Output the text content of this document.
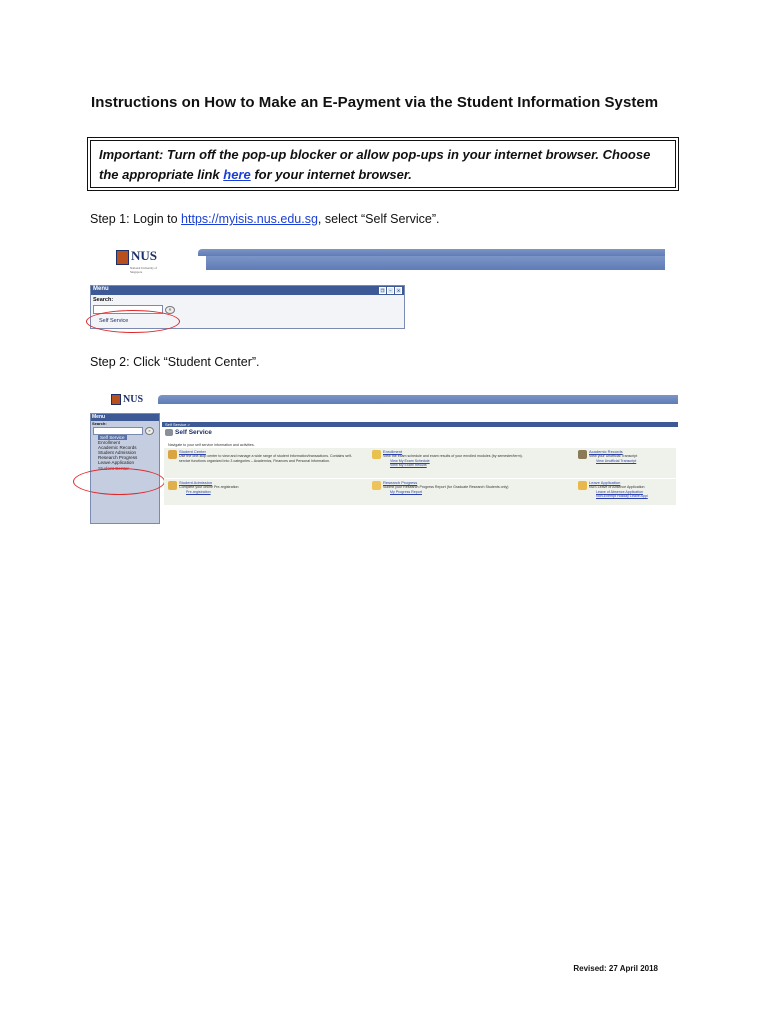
Instructions on How to Make an E-Payment via the Student Information System
Important: Turn off the pop-up blocker or allow pop-ups in your internet browser. Choose the appropriate link here for your internet browser.
Step 1: Login to https://myisis.nus.edu.sg, select “Self Service”.
NUS
National University of Singapore
Menu	❐ − ✕
Search:
»
Self Service
Step 2: Click “Student Center”.
NUS
Menu
Search:
»
Self Service
Enrollment
Academic Records
Student Admission
Research Progress
Leave Application
Student Center
Self Service >
Self Service
Navigate to your self service information and activities.
Student Center
Use the one-stop center to view and manage a wide range of student information/transactions. Contains self-service functions organized into 3 categories – Academics, Finances and Personal Information.
Enrollment
View the exam schedule and exam results of your enrolled modules (by semester/term).
View My Exam Schedule
View My Exam Results
Academic Records
View your Unofficial Transcript
View Unofficial Transcript
Student Admission
Complete your online Pre-registration
Pre-registration
Research Progress
Submit your Research Progress Report (for Graduate Research Students only)
My Progress Report
Leave Application
NUS Leave of Absence Application
Leave of Absence Application
Non-Exempt Holiday Leave Appl
Revised: 27 April 2018
